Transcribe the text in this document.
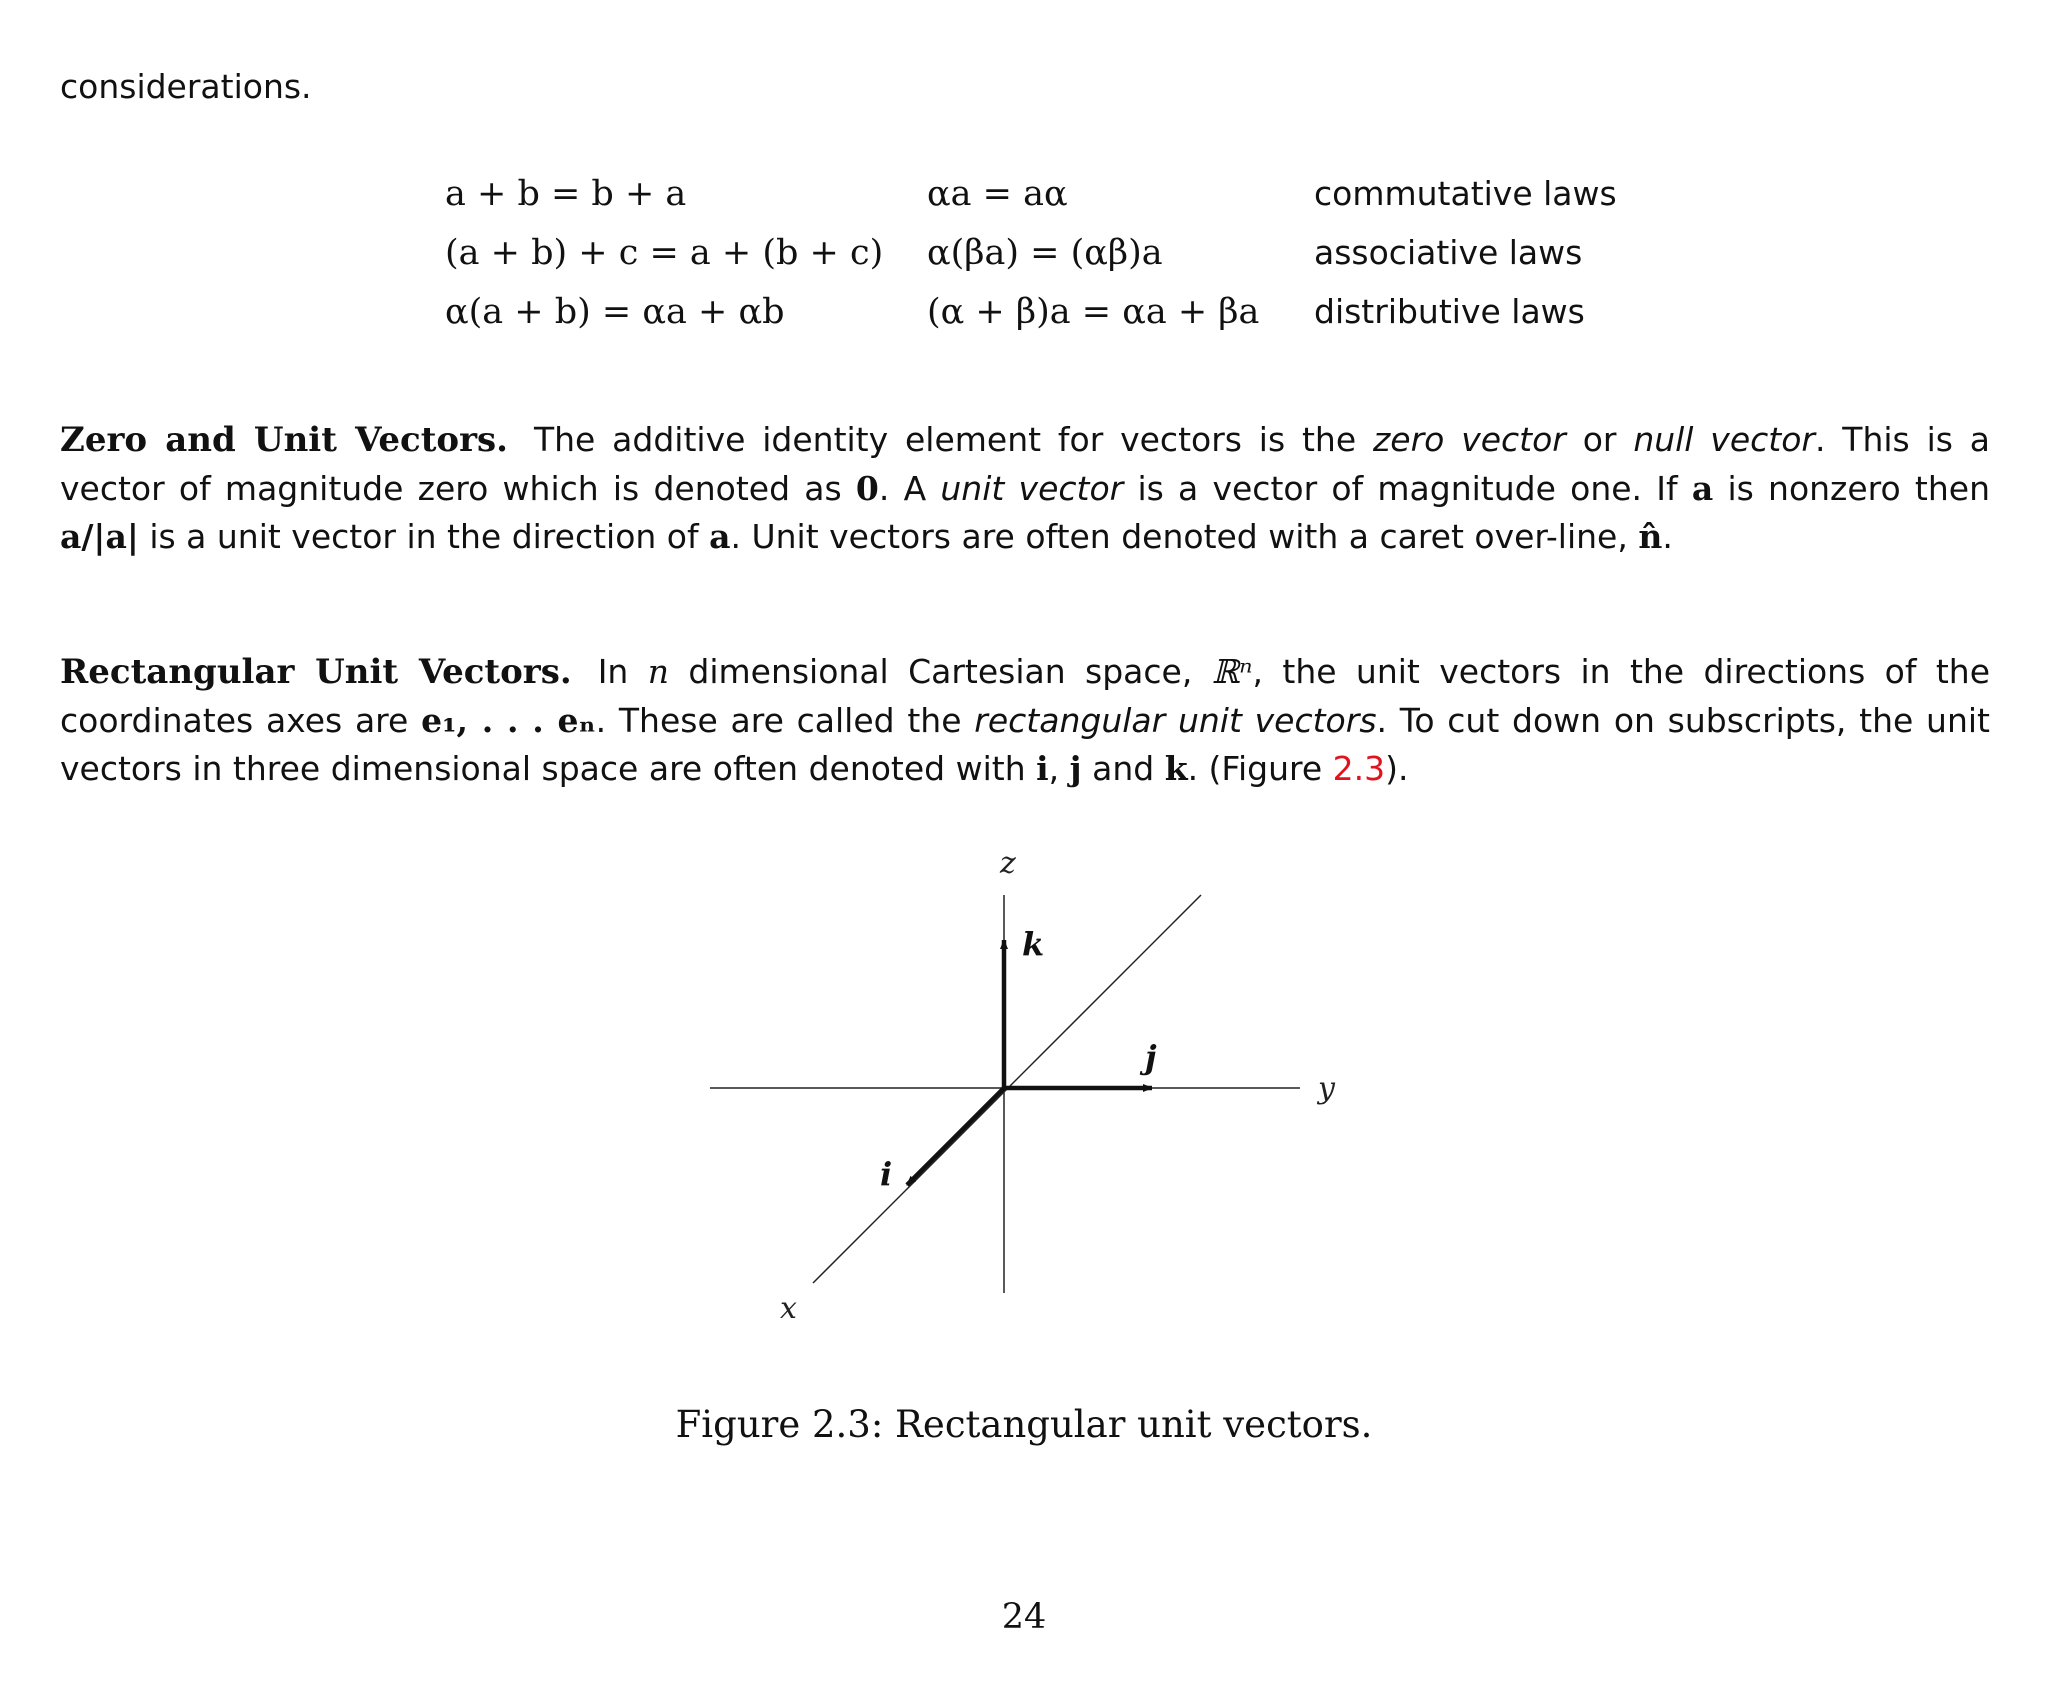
considerations.
a + b = b + a	αa = aα	commutative laws
(a + b) + c = a + (b + c)	α(βa) = (αβ)a	associative laws
α(a + b) = αa + αb	(α + β)a = αa + βa	distributive laws

Zero and Unit Vectors. The additive identity element for vectors is the zero vector or null vector. This is a vector of magnitude zero which is denoted as 0. A unit vector is a vector of magnitude one. If a is nonzero then a/|a| is a unit vector in the direction of a. Unit vectors are often denoted with a caret over-line, n̂.

Rectangular Unit Vectors. In n dimensional Cartesian space, ℝⁿ, the unit vectors in the directions of the coordinates axes are e₁, . . . eₙ. These are called the rectangular unit vectors. To cut down on subscripts, the unit vectors in three dimensional space are often denoted with i, j and k. (Figure 2.3).

z
y
x
k
j
i
Figure 2.3: Rectangular unit vectors.
24
